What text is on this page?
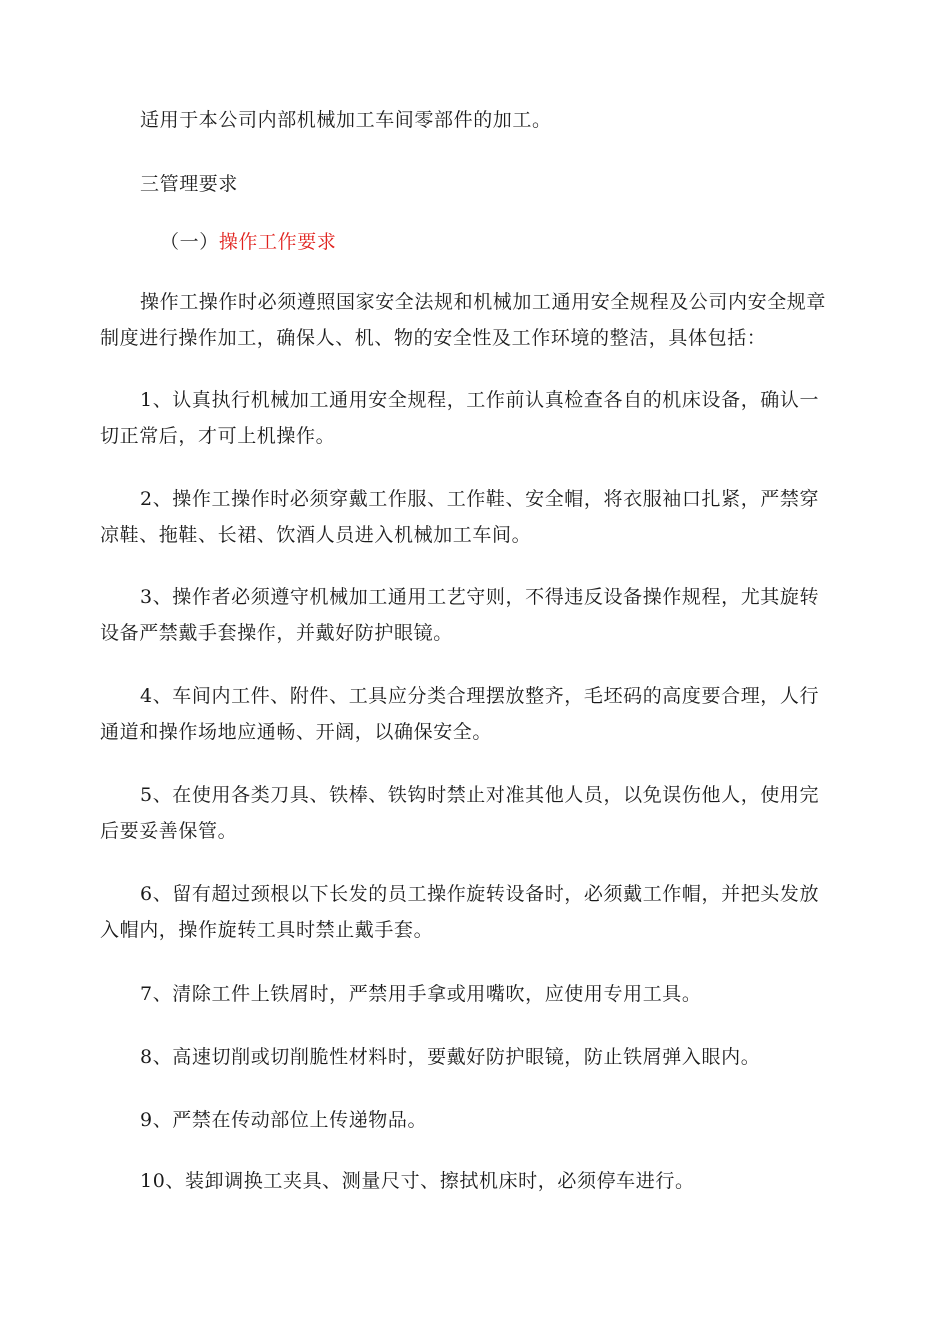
适用于本公司内部机械加工车间零部件的加工。
三管理要求
（一）操作工作要求
操作工操作时必须遵照国家安全法规和机械加工通用安全规程及公司内安全规章
制度进行操作加工，确保人、机、物的安全性及工作环境的整洁，具体包括：
1、认真执行机械加工通用安全规程，工作前认真检查各自的机床设备，确认一
切正常后，才可上机操作。
2、操作工操作时必须穿戴工作服、工作鞋、安全帽，将衣服袖口扎紧，严禁穿
凉鞋、拖鞋、长裙、饮酒人员进入机械加工车间。
3、操作者必须遵守机械加工通用工艺守则，不得违反设备操作规程，尤其旋转
设备严禁戴手套操作，并戴好防护眼镜。
4、车间内工件、附件、工具应分类合理摆放整齐，毛坯码的高度要合理，人行
通道和操作场地应通畅、开阔，以确保安全。
5、在使用各类刀具、铁棒、铁钩时禁止对准其他人员，以免误伤他人，使用完
后要妥善保管。
6、留有超过颈根以下长发的员工操作旋转设备时，必须戴工作帽，并把头发放
入帽内，操作旋转工具时禁止戴手套。
7、清除工件上铁屑时，严禁用手拿或用嘴吹，应使用专用工具。
8、高速切削或切削脆性材料时，要戴好防护眼镜，防止铁屑弹入眼内。
9、严禁在传动部位上传递物品。
10、装卸调换工夹具、测量尺寸、擦拭机床时，必须停车进行。
